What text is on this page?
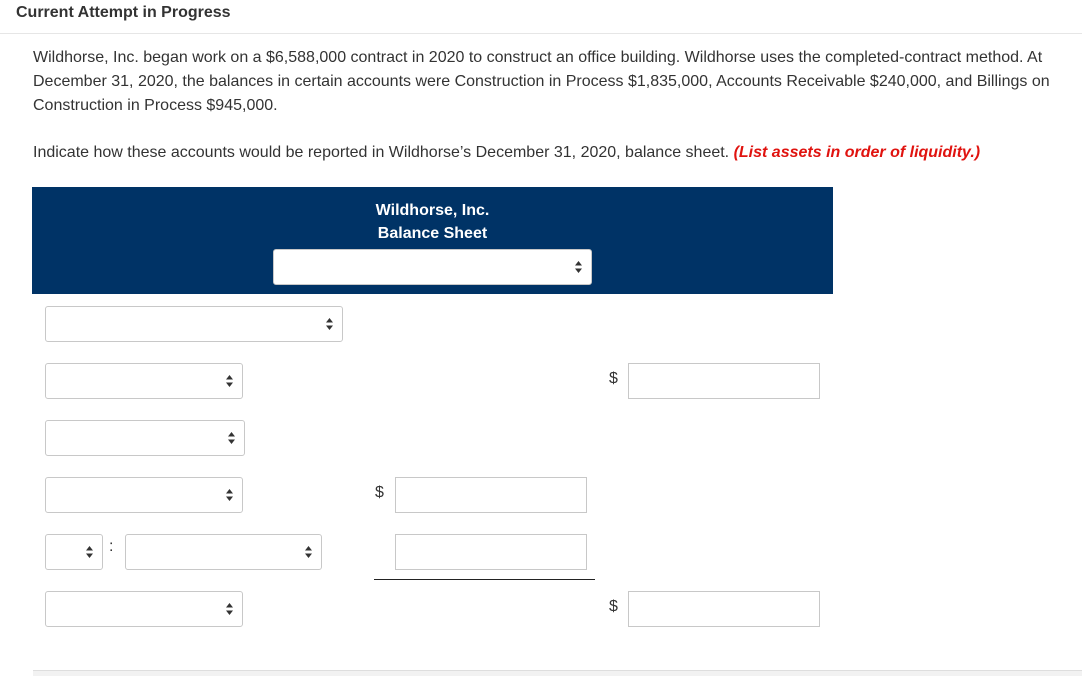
Current Attempt in Progress
Wildhorse, Inc. began work on a $6,588,000 contract in 2020 to construct an office building. Wildhorse uses the completed-contract method. At December 31, 2020, the balances in certain accounts were Construction in Process $1,835,000, Accounts Receivable $240,000, and Billings on Construction in Process $945,000.
Indicate how these accounts would be reported in Wildhorse’s December 31, 2020, balance sheet. (List assets in order of liquidity.)
Wildhorse, Inc.
Balance Sheet
$
$
:
$
